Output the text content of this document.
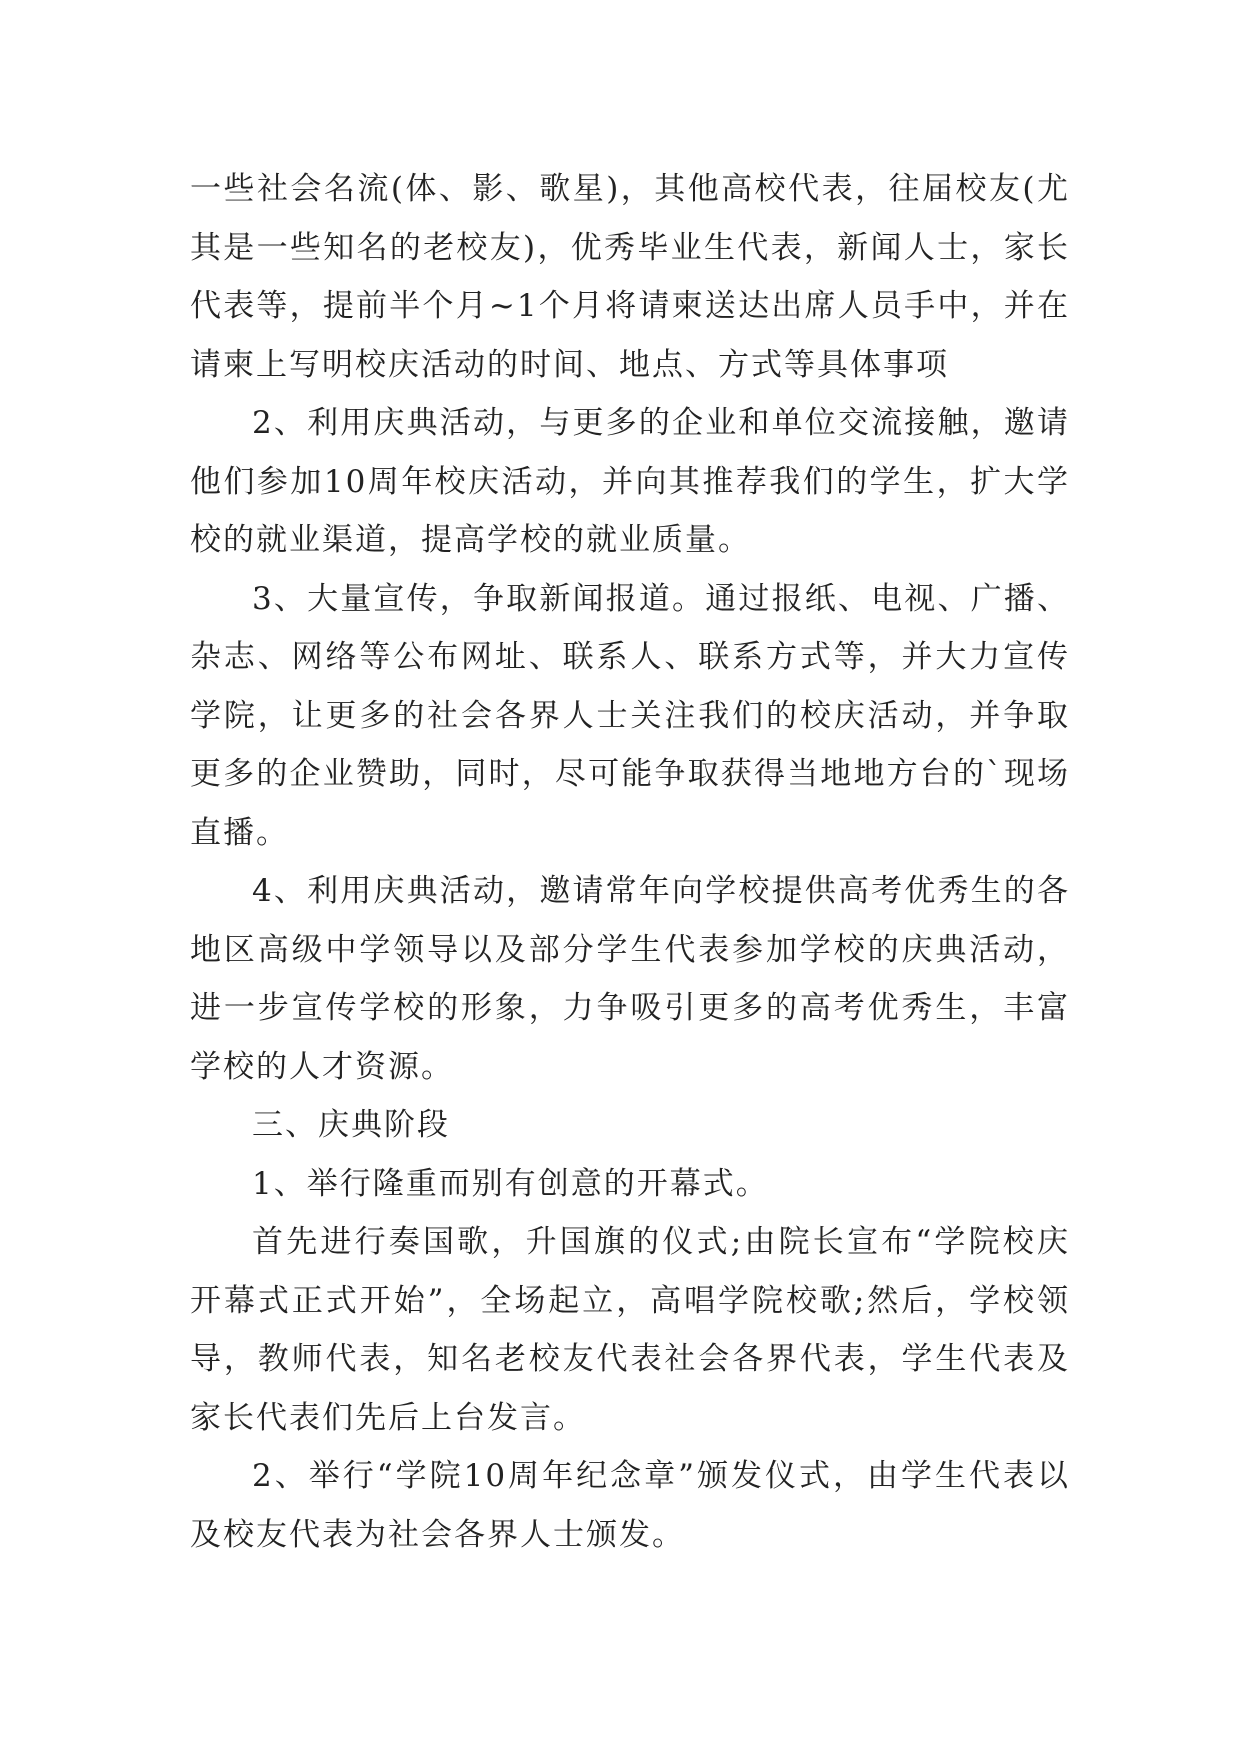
一些社会名流(体、影、歌星)，其他高校代表，往届校友(尤其是一些知名的老校友)，优秀毕业生代表，新闻人士，家长代表等，提前半个月~1个月将请柬送达出席人员手中，并在请柬上写明校庆活动的时间、地点、方式等具体事项

2、利用庆典活动，与更多的企业和单位交流接触，邀请他们参加10周年校庆活动，并向其推荐我们的学生，扩大学校的就业渠道，提高学校的就业质量。

3、大量宣传，争取新闻报道。通过报纸、电视、广播、杂志、网络等公布网址、联系人、联系方式等，并大力宣传学院，让更多的社会各界人士关注我们的校庆活动，并争取更多的企业赞助，同时，尽可能争取获得当地地方台的`现场直播。

4、利用庆典活动，邀请常年向学校提供高考优秀生的各地区高级中学领导以及部分学生代表参加学校的庆典活动，进一步宣传学校的形象，力争吸引更多的高考优秀生，丰富学校的人才资源。

三、庆典阶段

1、举行隆重而别有创意的开幕式。

首先进行奏国歌，升国旗的仪式;由院长宣布“学院校庆开幕式正式开始”，全场起立，高唱学院校歌;然后，学校领导，教师代表，知名老校友代表社会各界代表，学生代表及家长代表们先后上台发言。

2、举行“学院10周年纪念章”颁发仪式，由学生代表以及校友代表为社会各界人士颁发。
